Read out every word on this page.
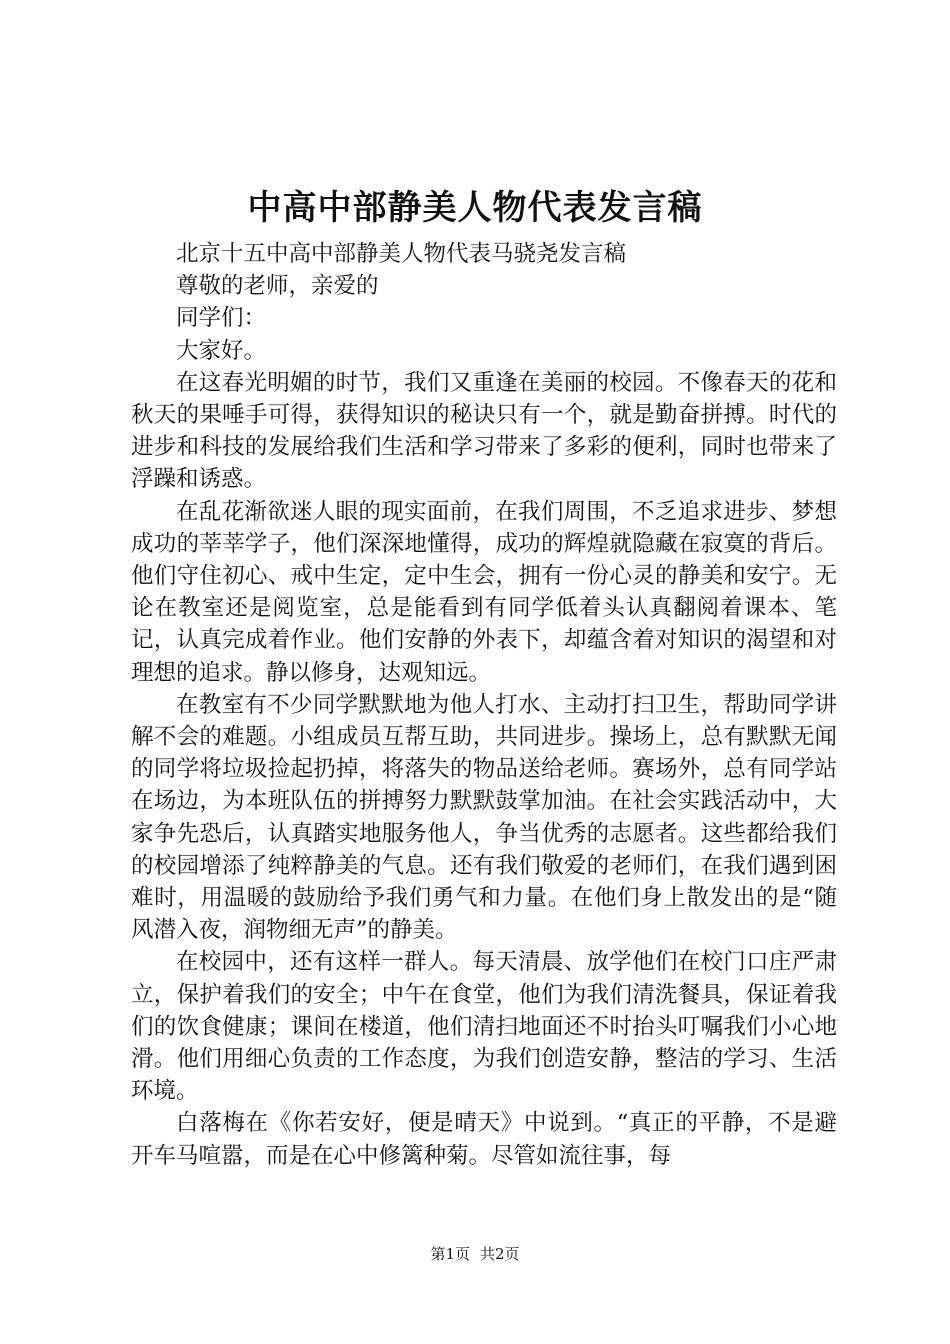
中高中部静美人物代表发言稿

北京十五中高中部静美人物代表马骁尧发言稿

尊敬的老师，亲爱的

同学们：

大家好。

在这春光明媚的时节，我们又重逢在美丽的校园。不像春天的花和秋天的果唾手可得，获得知识的秘诀只有一个，就是勤奋拼搏。时代的进步和科技的发展给我们生活和学习带来了多彩的便利，同时也带来了浮躁和诱惑。

在乱花渐欲迷人眼的现实面前，在我们周围，不乏追求进步、梦想成功的莘莘学子，他们深深地懂得，成功的辉煌就隐藏在寂寞的背后。他们守住初心、戒中生定，定中生会，拥有一份心灵的静美和安宁。无论在教室还是阅览室，总是能看到有同学低着头认真翻阅着课本、笔记，认真完成着作业。他们安静的外表下，却蕴含着对知识的渴望和对理想的追求。静以修身，达观知远。

在教室有不少同学默默地为他人打水、主动打扫卫生，帮助同学讲解不会的难题。小组成员互帮互助，共同进步。操场上，总有默默无闻的同学将垃圾捡起扔掉，将落失的物品送给老师。赛场外，总有同学站在场边，为本班队伍的拼搏努力默默鼓掌加油。在社会实践活动中，大家争先恐后，认真踏实地服务他人，争当优秀的志愿者。这些都给我们的校园增添了纯粹静美的气息。还有我们敬爱的老师们，在我们遇到困难时，用温暖的鼓励给予我们勇气和力量。在他们身上散发出的是“随风潜入夜，润物细无声”的静美。

在校园中，还有这样一群人。每天清晨、放学他们在校门口庄严肃立，保护着我们的安全；中午在食堂，他们为我们清洗餐具，保证着我们的饮食健康；课间在楼道，他们清扫地面还不时抬头叮嘱我们小心地滑。他们用细心负责的工作态度，为我们创造安静，整洁的学习、生活环境。

白落梅在《你若安好，便是晴天》中说到。“真正的平静，不是避开车马喧嚣，而是在心中修篱种菊。尽管如流往事，每

第1页 共2页
